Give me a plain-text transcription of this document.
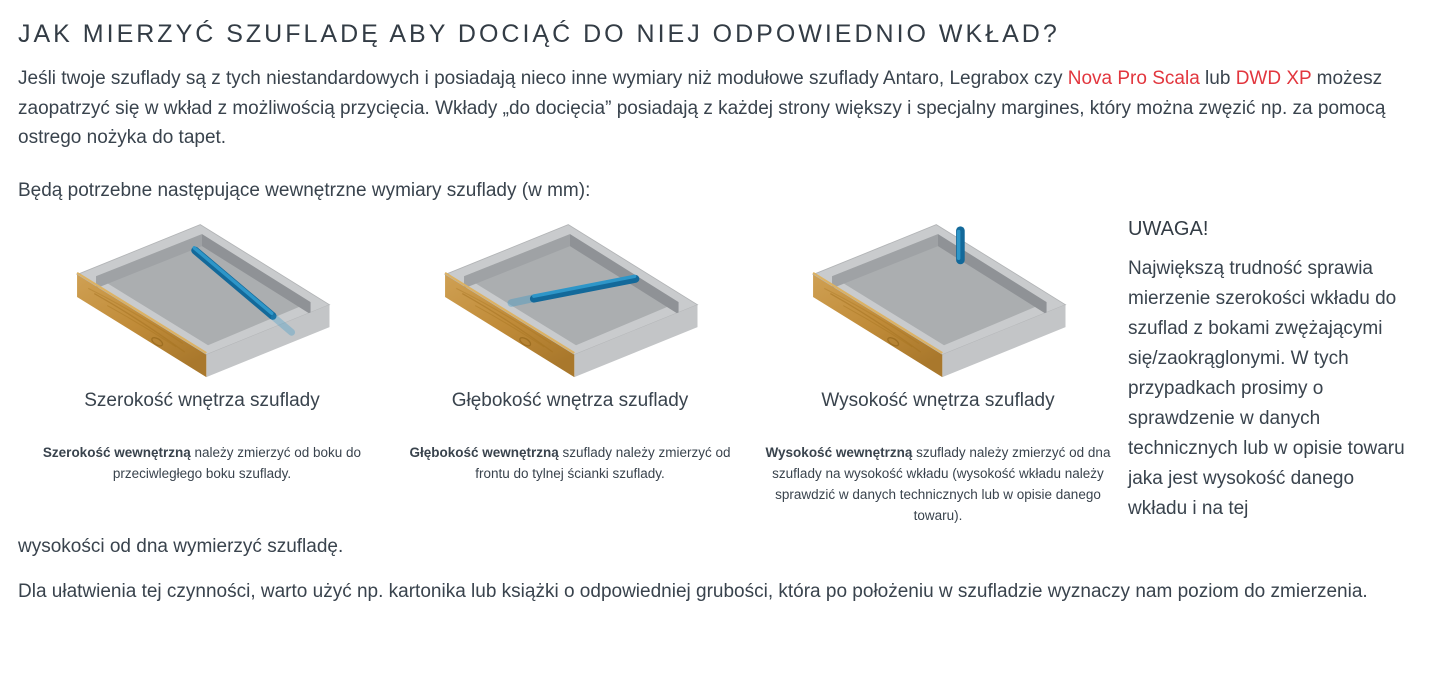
JAK MIERZYĆ SZUFLADĘ ABY DOCIĄĆ DO NIEJ ODPOWIEDNIO WKŁAD?

Jeśli twoje szuflady są z tych niestandardowych i posiadają nieco inne wymiary niż modułowe szuflady Antaro, Legrabox czy Nova Pro Scala lub DWD XP możesz zaopatrzyć się w wkład z możliwością przycięcia. Wkłady „do docięcia” posiadają z każdej strony większy i specjalny margines, który można zwęzić np. za pomocą ostrego nożyka do tapet.

Będą potrzebne następujące wewnętrzne wymiary szuflady (w mm):

Szerokość wnętrza szuflady

Szerokość wewnętrzną należy zmierzyć od boku do przeciwległego boku szuflady.

Głębokość wnętrza szuflady

Głębokość wewnętrzną szuflady należy zmierzyć od frontu do tylnej ścianki szuflady.

Wysokość wnętrza szuflady

Wysokość wewnętrzną szuflady należy zmierzyć od dna szuflady na wysokość wkładu (wysokość wkładu należy sprawdzić w danych technicznych lub w opisie danego towaru).

UWAGA!

Największą trudność sprawia mierzenie szerokości wkładu do szuflad z bokami zwężającymi się/zaokrąglonymi. W tych przypadkach prosimy o sprawdzenie w danych technicznych lub w opisie towaru jaka jest wysokość danego wkładu i na tej

wysokości od dna wymierzyć szufladę.

Dla ułatwienia tej czynności, warto użyć np. kartonika lub książki o odpowiedniej grubości, która po położeniu w szufladzie wyznaczy nam poziom do zmierzenia.
